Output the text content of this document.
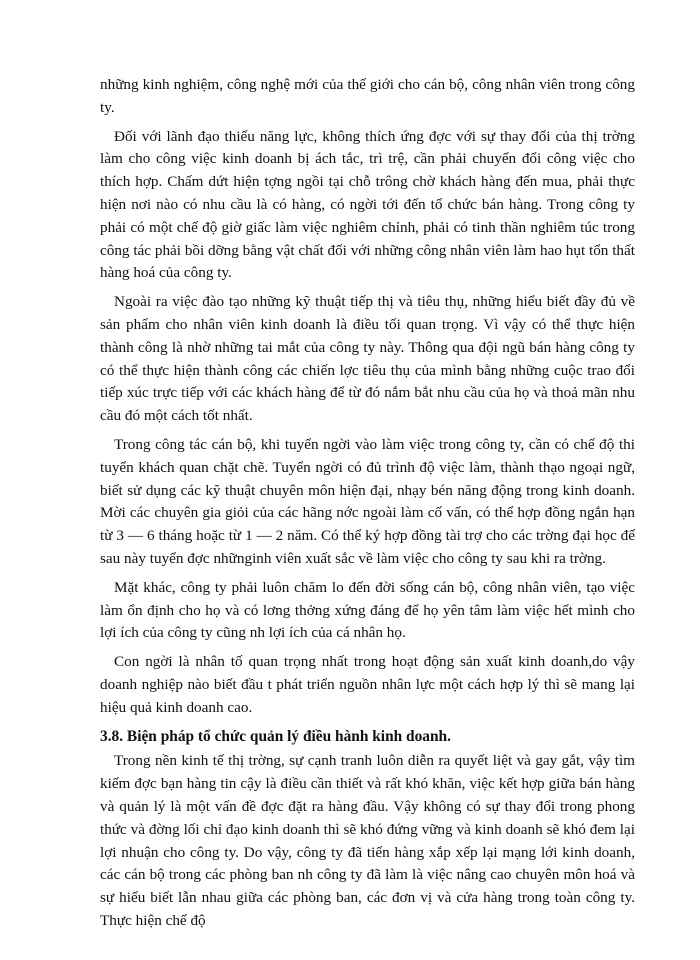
những kinh nghiệm, công nghệ mới của thế giới cho cán bộ, công nhân viên trong công ty.

Đối với lãnh đạo thiếu năng lực, không thích ứng đợc với sự thay đổi của thị trờng làm cho công việc kinh doanh bị ách tắc, trì trệ, cần phải chuyển đổi công việc cho thích hợp. Chấm dứt hiện tợng ngồi tại chỗ trông chờ khách hàng đến mua, phải thực hiện nơi nào có nhu cầu là có hàng, có ngời tới đến tổ chức bán hàng. Trong công ty phải có một chế độ giờ giấc làm việc nghiêm chỉnh, phải có tinh thần nghiêm túc trong công tác phải bồi dỡng bằng vật chất đối với những công nhân viên làm hao hụt tổn thất hàng hoá của công ty.

Ngoài ra việc đào tạo những kỹ thuật tiếp thị và tiêu thụ, những hiểu biết đầy đủ về sản phẩm cho nhân viên kinh doanh là điều tối quan trọng. Vì vậy có thể thực hiện thành công là nhờ những tai mắt của công ty này. Thông qua đội ngũ bán hàng công ty có thể thực hiện thành công các chiến lợc tiêu thụ của mình bằng những cuộc trao đổi tiếp xúc trực tiếp với các khách hàng để từ đó nắm bắt nhu cầu của họ và thoả mãn nhu cầu đó một cách tốt nhất.

Trong công tác cán bộ, khi tuyển ngời vào làm việc trong công ty, cần có chế độ thi tuyển khách quan chặt chẽ. Tuyển ngời có đủ trình độ việc làm, thành thạo ngoại ngữ, biết sử dụng các kỹ thuật chuyên môn hiện đại, nhạy bén năng động trong kinh doanh. Mời các chuyên gia giỏi của các hãng nớc ngoài làm cố vấn, có thể hợp đồng ngắn hạn từ 3 — 6 tháng hoặc từ 1 — 2 năm. Có thể ký hợp đồng tài trợ cho các trờng đại học để sau này tuyển đợc nhữnginh viên xuất sắc về làm việc cho công ty sau khi ra trờng.

Mặt khác, công ty phải luôn chăm lo đến đời sống cán bộ, công nhân viên, tạo việc làm ổn định cho họ và có lơng thởng xứng đáng để họ yên tâm làm việc hết mình cho lợi ích của công ty cũng nh lợi ích của cá nhân họ.

Con ngời là nhân tố quan trọng nhất trong hoạt động sản xuất kinh doanh,do vậy doanh nghiệp nào biết đầu t phát triển nguồn nhân lực một cách hợp lý thì sẽ mang lại hiệu quả kinh doanh cao.

3.8. Biện pháp tổ chức quản lý điều hành kinh doanh.

Trong nền kinh tế thị trờng, sự cạnh tranh luôn diễn ra quyết liệt và gay gắt, vậy tìm kiếm đợc bạn hàng tin cậy là điều cần thiết và rất khó khăn, việc kết hợp giữa bán hàng và quản lý là một vấn đề đợc đặt ra hàng đầu. Vậy không có sự thay đổi trong phong thức và đờng lối chỉ đạo kinh doanh thì sẽ khó đứng vững và kinh doanh sẽ khó đem lại lợi nhuận cho công ty. Do vậy, công ty đã tiến hàng xắp xếp lại mạng lới kinh doanh, các cán bộ trong các phòng ban nh công ty đã làm là việc nâng cao chuyên môn hoá và sự hiểu biết lẫn nhau giữa các phòng ban, các đơn vị và cửa hàng trong toàn công ty. Thực hiện chế độ
